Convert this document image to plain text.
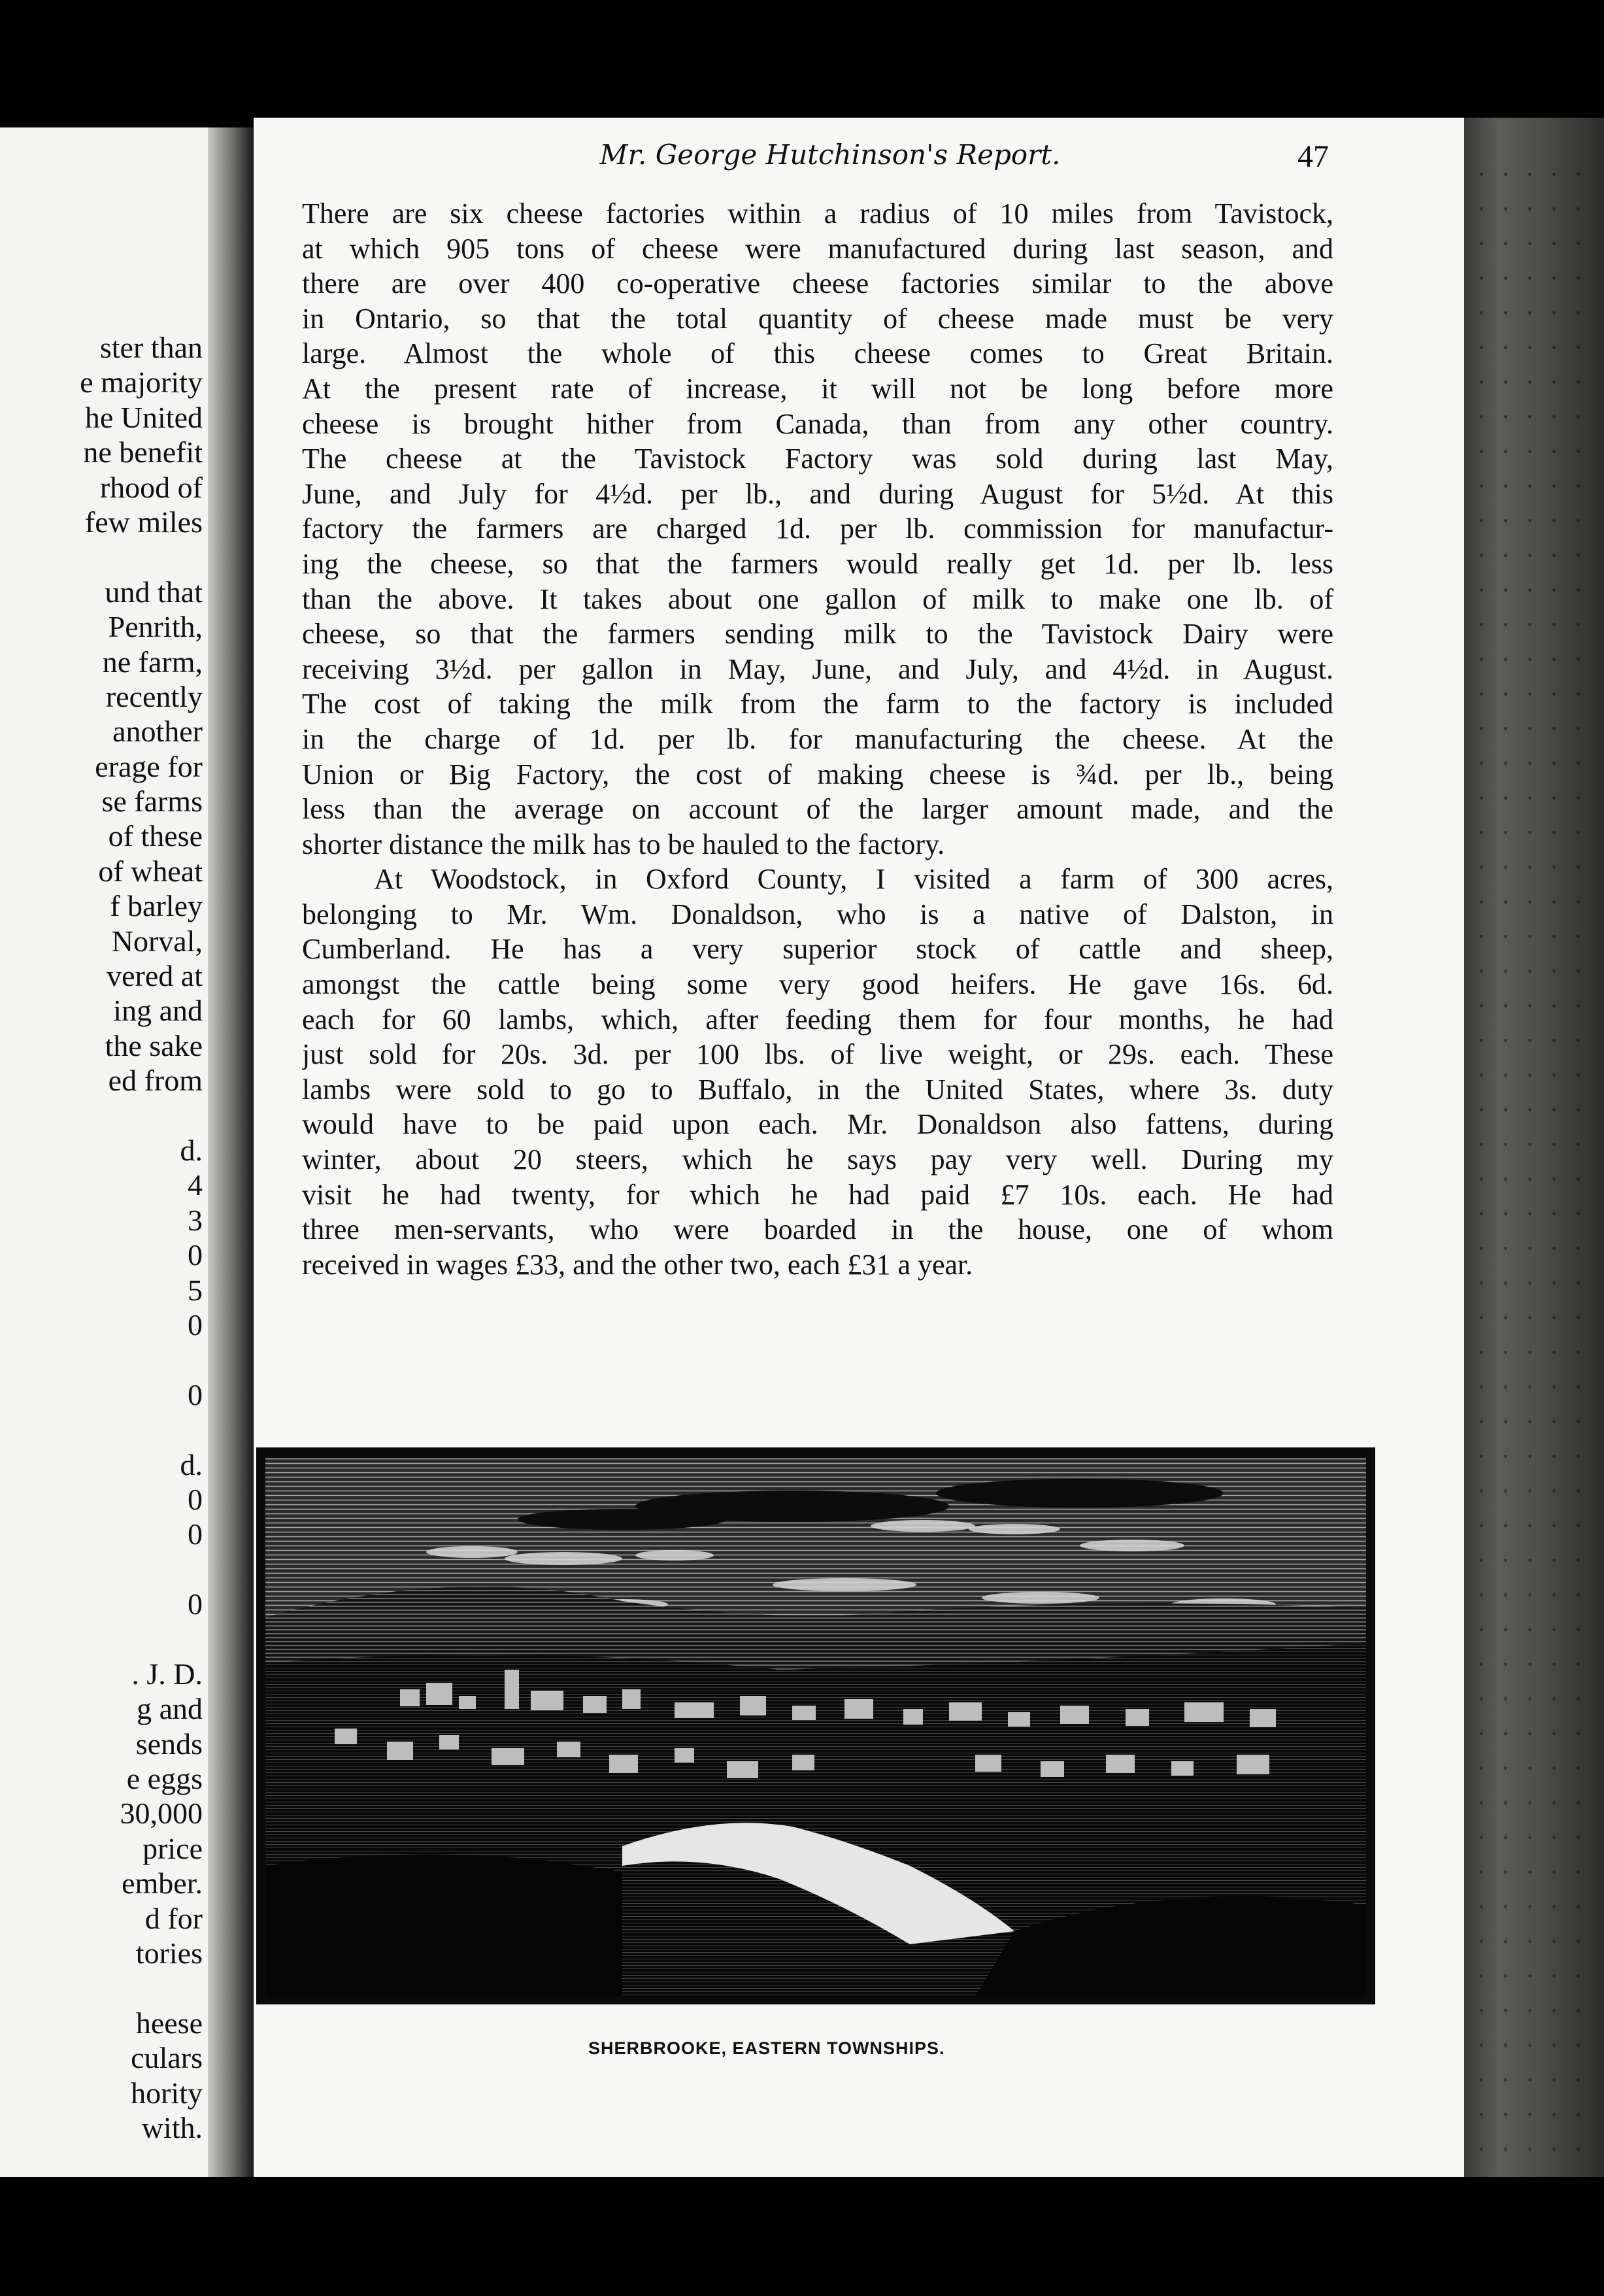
ster than
e majority
he United
ne benefit
rhood of
few miles
und that
Penrith,
ne farm,
recently
another
erage for
se farms
of these
of wheat
f barley
Norval,
vered at
ing and
the sake
ed from
d.
4
3
0
5
0
0
d.
0
0
0
. J. D.
g and
sends
e eggs
30,000
price
ember.
d for
tories
heese
culars
hority
with.
Mr. George Hutchinson's Report.	47
There are six cheese factories within a radius of 10 miles from Tavistock,
at which 905 tons of cheese were manufactured during last season, and
there are over 400 co-operative cheese factories similar to the above
in Ontario, so that the total quantity of cheese made must be very
large. Almost the whole of this cheese comes to Great Britain.
At the present rate of increase, it will not be long before more
cheese is brought hither from Canada, than from any other country.
The cheese at the Tavistock Factory was sold during last May,
June, and July for 4½d. per lb., and during August for 5½d. At this
factory the farmers are charged 1d. per lb. commission for manufactur-
ing the cheese, so that the farmers would really get 1d. per lb. less
than the above. It takes about one gallon of milk to make one lb. of
cheese, so that the farmers sending milk to the Tavistock Dairy were
receiving 3½d. per gallon in May, June, and July, and 4½d. in August.
The cost of taking the milk from the farm to the factory is included
in the charge of 1d. per lb. for manufacturing the cheese. At the
Union or Big Factory, the cost of making cheese is ¾d. per lb., being
less than the average on account of the larger amount made, and the
shorter distance the milk has to be hauled to the factory.
At Woodstock, in Oxford County, I visited a farm of 300 acres,
belonging to Mr. Wm. Donaldson, who is a native of Dalston, in
Cumberland. He has a very superior stock of cattle and sheep,
amongst the cattle being some very good heifers. He gave 16s. 6d.
each for 60 lambs, which, after feeding them for four months, he had
just sold for 20s. 3d. per 100 lbs. of live weight, or 29s. each. These
lambs were sold to go to Buffalo, in the United States, where 3s. duty
would have to be paid upon each. Mr. Donaldson also fattens, during
winter, about 20 steers, which he says pay very well. During my
visit he had twenty, for which he had paid £7 10s. each. He had
three men-servants, who were boarded in the house, one of whom
received in wages £33, and the other two, each £31 a year.
SHERBROOKE, EASTERN TOWNSHIPS.
